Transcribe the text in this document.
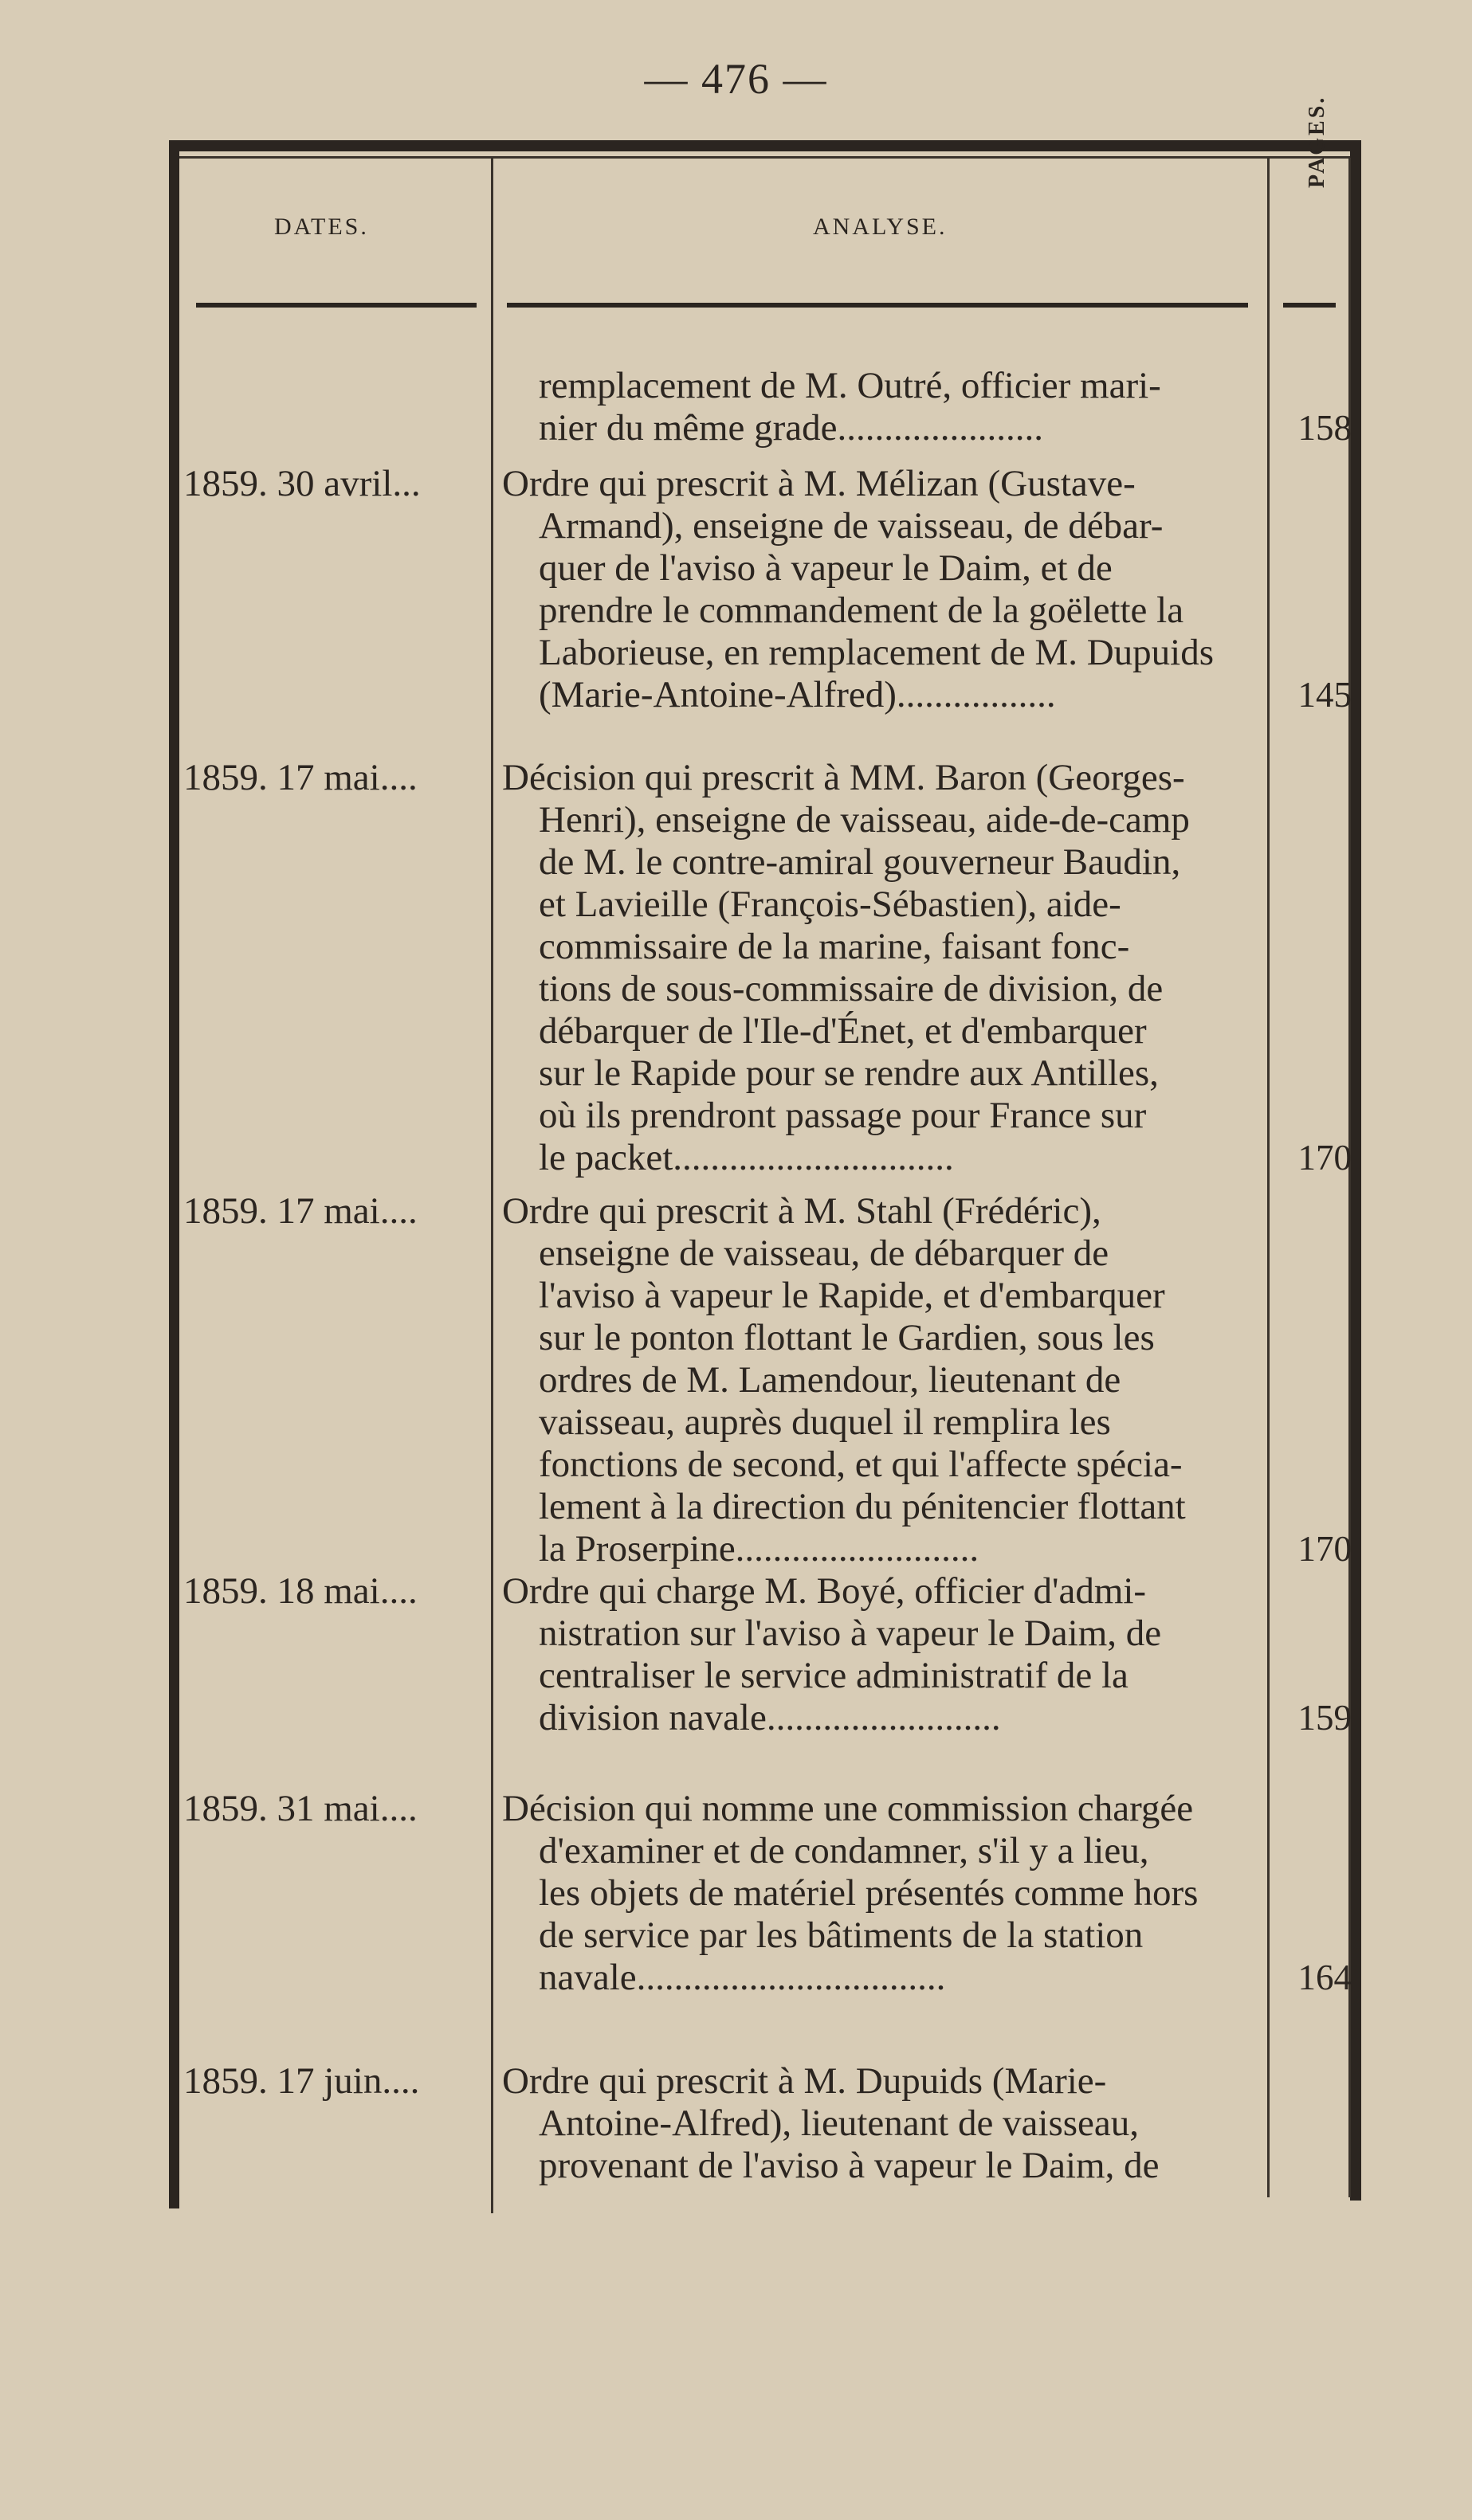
— 476 —
DATES.	ANALYSE.
PAGES.
remplacement de M. Outré, officier mari-
nier du même grade......................	158
1859. 30 avril... Ordre qui prescrit à M. Mélizan (Gustave-
Armand), enseigne de vaisseau, de débar-
quer de l'aviso à vapeur le Daim, et de
prendre le commandement de la goëlette la
Laborieuse, en remplacement de M. Dupuids
(Marie-Antoine-Alfred).................	145
1859. 17 mai.... Décision qui prescrit à MM. Baron (Georges-
Henri), enseigne de vaisseau, aide-de-camp
de M. le contre-amiral gouverneur Baudin,
et Lavieille (François-Sébastien), aide-
commissaire de la marine, faisant fonc-
tions de sous-commissaire de division, de
débarquer de l'Ile-d'Énet, et d'embarquer
sur le Rapide pour se rendre aux Antilles,
où ils prendront passage pour France sur
le packet..............................	170
1859. 17 mai.... Ordre qui prescrit à M. Stahl (Frédéric),
enseigne de vaisseau, de débarquer de
l'aviso à vapeur le Rapide, et d'embarquer
sur le ponton flottant le Gardien, sous les
ordres de M. Lamendour, lieutenant de
vaisseau, auprès duquel il remplira les
fonctions de second, et qui l'affecte spécia-
lement à la direction du pénitencier flottant
la Proserpine..........................	170
1859. 18 mai.... Ordre qui charge M. Boyé, officier d'admi-
nistration sur l'aviso à vapeur le Daim, de
centraliser le service administratif de la
division navale.........................	159
1859. 31 mai.... Décision qui nomme une commission chargée
d'examiner et de condamner, s'il y a lieu,
les objets de matériel présentés comme hors
de service par les bâtiments de la station
navale.................................	164
1859. 17 juin.... Ordre qui prescrit à M. Dupuids (Marie-
Antoine-Alfred), lieutenant de vaisseau,
provenant de l'aviso à vapeur le Daim, de
